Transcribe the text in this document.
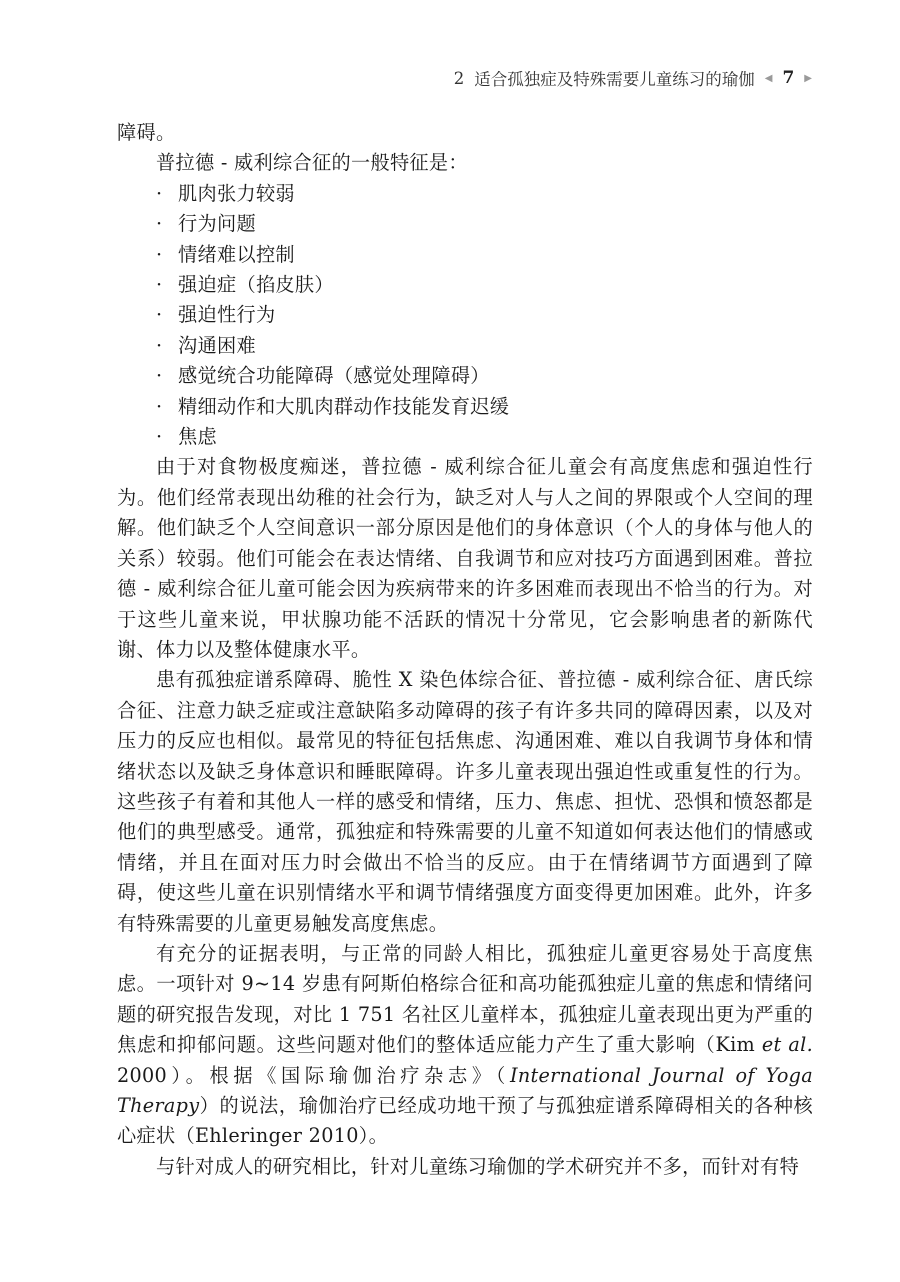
2 适合孤独症及特殊需要儿童练习的瑜伽 ◀ 7 ▶

障碍。

普拉德 - 威利综合征的一般特征是：

· 肌肉张力较弱
· 行为问题
· 情绪难以控制
· 强迫症（掐皮肤）
· 强迫性行为
· 沟通困难
· 感觉统合功能障碍（感觉处理障碍）
· 精细动作和大肌肉群动作技能发育迟缓
· 焦虑

由于对食物极度痴迷，普拉德 - 威利综合征儿童会有高度焦虑和强迫性行为。他们经常表现出幼稚的社会行为，缺乏对人与人之间的界限或个人空间的理解。他们缺乏个人空间意识一部分原因是他们的身体意识（个人的身体与他人的关系）较弱。他们可能会在表达情绪、自我调节和应对技巧方面遇到困难。普拉德 - 威利综合征儿童可能会因为疾病带来的许多困难而表现出不恰当的行为。对于这些儿童来说，甲状腺功能不活跃的情况十分常见，它会影响患者的新陈代谢、体力以及整体健康水平。

患有孤独症谱系障碍、脆性 X 染色体综合征、普拉德 - 威利综合征、唐氏综合征、注意力缺乏症或注意缺陷多动障碍的孩子有许多共同的障碍因素，以及对压力的反应也相似。最常见的特征包括焦虑、沟通困难、难以自我调节身体和情绪状态以及缺乏身体意识和睡眠障碍。许多儿童表现出强迫性或重复性的行为。这些孩子有着和其他人一样的感受和情绪，压力、焦虑、担忧、恐惧和愤怒都是他们的典型感受。通常，孤独症和特殊需要的儿童不知道如何表达他们的情感或情绪，并且在面对压力时会做出不恰当的反应。由于在情绪调节方面遇到了障碍，使这些儿童在识别情绪水平和调节情绪强度方面变得更加困难。此外，许多有特殊需要的儿童更易触发高度焦虑。

有充分的证据表明，与正常的同龄人相比，孤独症儿童更容易处于高度焦虑。一项针对 9~14 岁患有阿斯伯格综合征和高功能孤独症儿童的焦虑和情绪问题的研究报告发现，对比 1 751 名社区儿童样本，孤独症儿童表现出更为严重的焦虑和抑郁问题。这些问题对他们的整体适应能力产生了重大影响（Kim et al. 2000）。根据《国际瑜伽治疗杂志》（International Journal of Yoga Therapy）的说法，瑜伽治疗已经成功地干预了与孤独症谱系障碍相关的各种核心症状（Ehleringer 2010）。

与针对成人的研究相比，针对儿童练习瑜伽的学术研究并不多，而针对有特
